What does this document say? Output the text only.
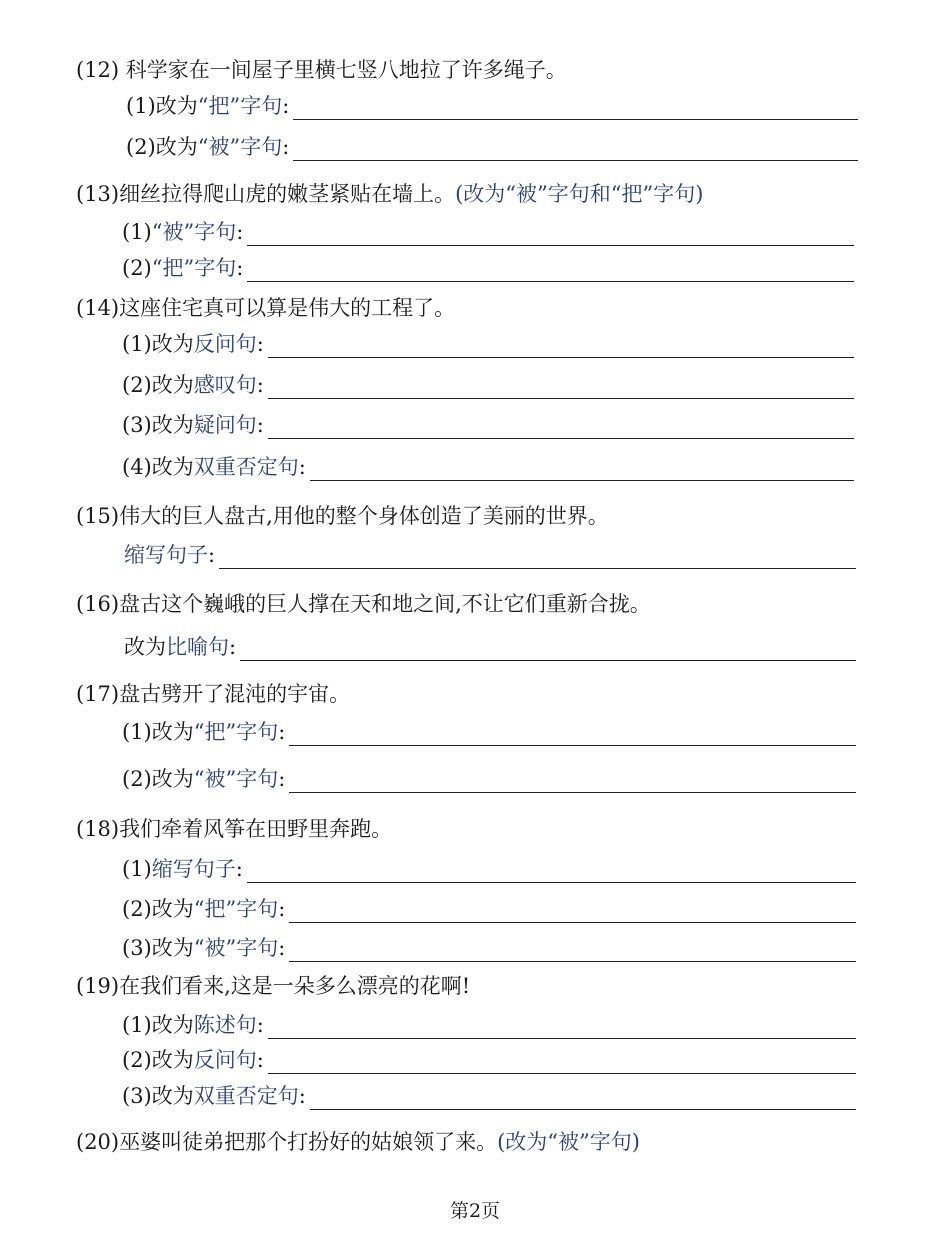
(12) 科学家在一间屋子里横七竖八地拉了许多绳子。
(1)改为 “把”字句 :
(2)改为 “被”字句 :
(13)细丝拉得爬山虎的嫩茎紧贴在墙上。(改为“被”字句和“把”字句)
(1) “被”字句 :
(2) “把”字句 :
(14)这座住宅真可以算是伟大的工程了。
(1)改为 反问句 :
(2)改为 感叹句 :
(3)改为 疑问句 :
(4)改为 双重否定句 :
(15)伟大的巨人盘古,用他的整个身体创造了美丽的世界。
缩写句子 :
(16)盘古这个巍峨的巨人撑在天和地之间,不让它们重新合拢。
改为 比喻句 :
(17)盘古劈开了混沌的宇宙。
(1)改为 “把”字句 :
(2)改为 “被”字句 :
(18)我们牵着风筝在田野里奔跑。
(1) 缩写句子 :
(2)改为 “把”字句 :
(3)改为 “被”字句 :
(19)在我们看来,这是一朵多么漂亮的花啊!
(1)改为 陈述句 :
(2)改为 反问句 :
(3)改为 双重否定句 :
(20)巫婆叫徒弟把那个打扮好的姑娘领了来。(改为“被”字句)
第2页
